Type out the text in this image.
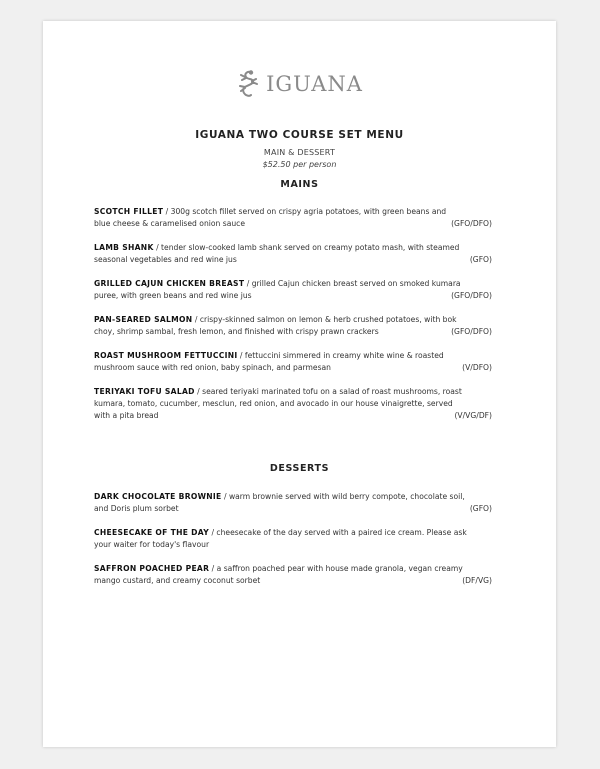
IGUANA
IGUANA TWO COURSE SET MENU
MAIN & DESSERT
$52.50 per person
MAINS
SCOTCH FILLET / 300g scotch fillet served on crispy agria potatoes, with green beans and
blue cheese & caramelised onion sauce	(GFO/DFO)
LAMB SHANK / tender slow-cooked lamb shank served on creamy potato mash, with steamed
seasonal vegetables and red wine jus	(GFO)
GRILLED CAJUN CHICKEN BREAST / grilled Cajun chicken breast served on smoked kumara
puree, with green beans and red wine jus	(GFO/DFO)
PAN-SEARED SALMON / crispy-skinned salmon on lemon & herb crushed potatoes, with bok
choy, shrimp sambal, fresh lemon, and finished with crispy prawn crackers	(GFO/DFO)
ROAST MUSHROOM FETTUCCINI / fettuccini simmered in creamy white wine & roasted
mushroom sauce with red onion, baby spinach, and parmesan	(V/DFO)
TERIYAKI TOFU SALAD / seared teriyaki marinated tofu on a salad of roast mushrooms, roast
kumara, tomato, cucumber, mesclun, red onion, and avocado in our house vinaigrette, served
with a pita bread	(V/VG/DF)
DESSERTS
DARK CHOCOLATE BROWNIE / warm brownie served with wild berry compote, chocolate soil,
and Doris plum sorbet	(GFO)
CHEESECAKE OF THE DAY / cheesecake of the day served with a paired ice cream. Please ask
your waiter for today's flavour
SAFFRON POACHED PEAR / a saffron poached pear with house made granola, vegan creamy
mango custard, and creamy coconut sorbet	(DF/VG)
